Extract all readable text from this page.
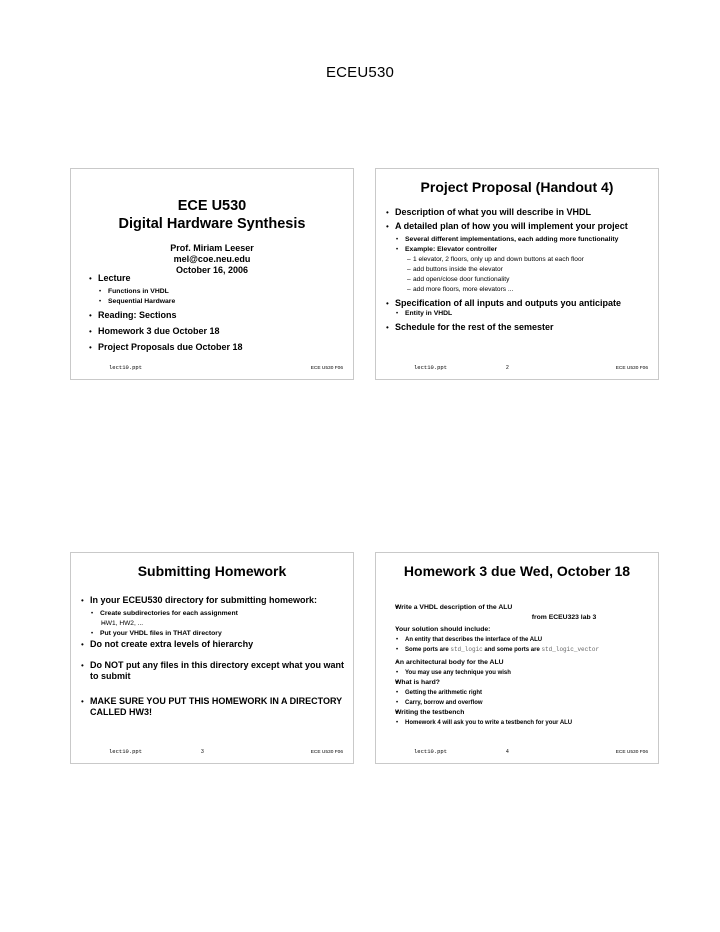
ECEU530
ECE U530
Digital Hardware Synthesis
Prof. Miriam Leeser
mel@coe.neu.edu
October 16, 2006
• Lecture
• Functions in VHDL
• Sequential Hardware
• Reading: Sections
• Homework 3 due October 18
• Project Proposals due October 18
lect10.ppt	ECE U530 F06
Project Proposal (Handout 4)
• Description of what you will describe in VHDL
• A detailed plan of how you will implement your project
• Several different implementations, each adding more functionality
• Example: Elevator controller
– 1 elevator, 2 floors, only up and down buttons at each floor
– add buttons inside the elevator
– add open/close door functionality
– add more floors, more elevators ...
• Specification of all inputs and outputs you anticipate
• Entity in VHDL
• Schedule for the rest of the semester
lect10.ppt	2	ECE U530 F06
Submitting Homework
• In your ECEU530 directory for submitting homework:
• Create subdirectories for each assignment
– HW1, HW2, ...
• Put your VHDL files in THAT directory
• Do not create extra levels of hierarchy
• Do NOT put any files in this directory except what you want to submit
• MAKE SURE YOU PUT THIS HOMEWORK IN A DIRECTORY CALLED HW3!
lect10.ppt	3	ECE U530 F06
Homework 3 due Wed, October 18
• Write a VHDL description of the ALU
from ECEU323 lab 3
• Your solution should include:
• An entity that describes the interface of the ALU
• Some ports are std_logic and some ports are std_logic_vector
• An architectural body for the ALU
• You may use any technique you wish
• What is hard?
• Getting the arithmetic right
• Carry, borrow and overflow
• Writing the testbench
• Homework 4 will ask you to write a testbench for your ALU
lect10.ppt	4	ECE U530 F06
